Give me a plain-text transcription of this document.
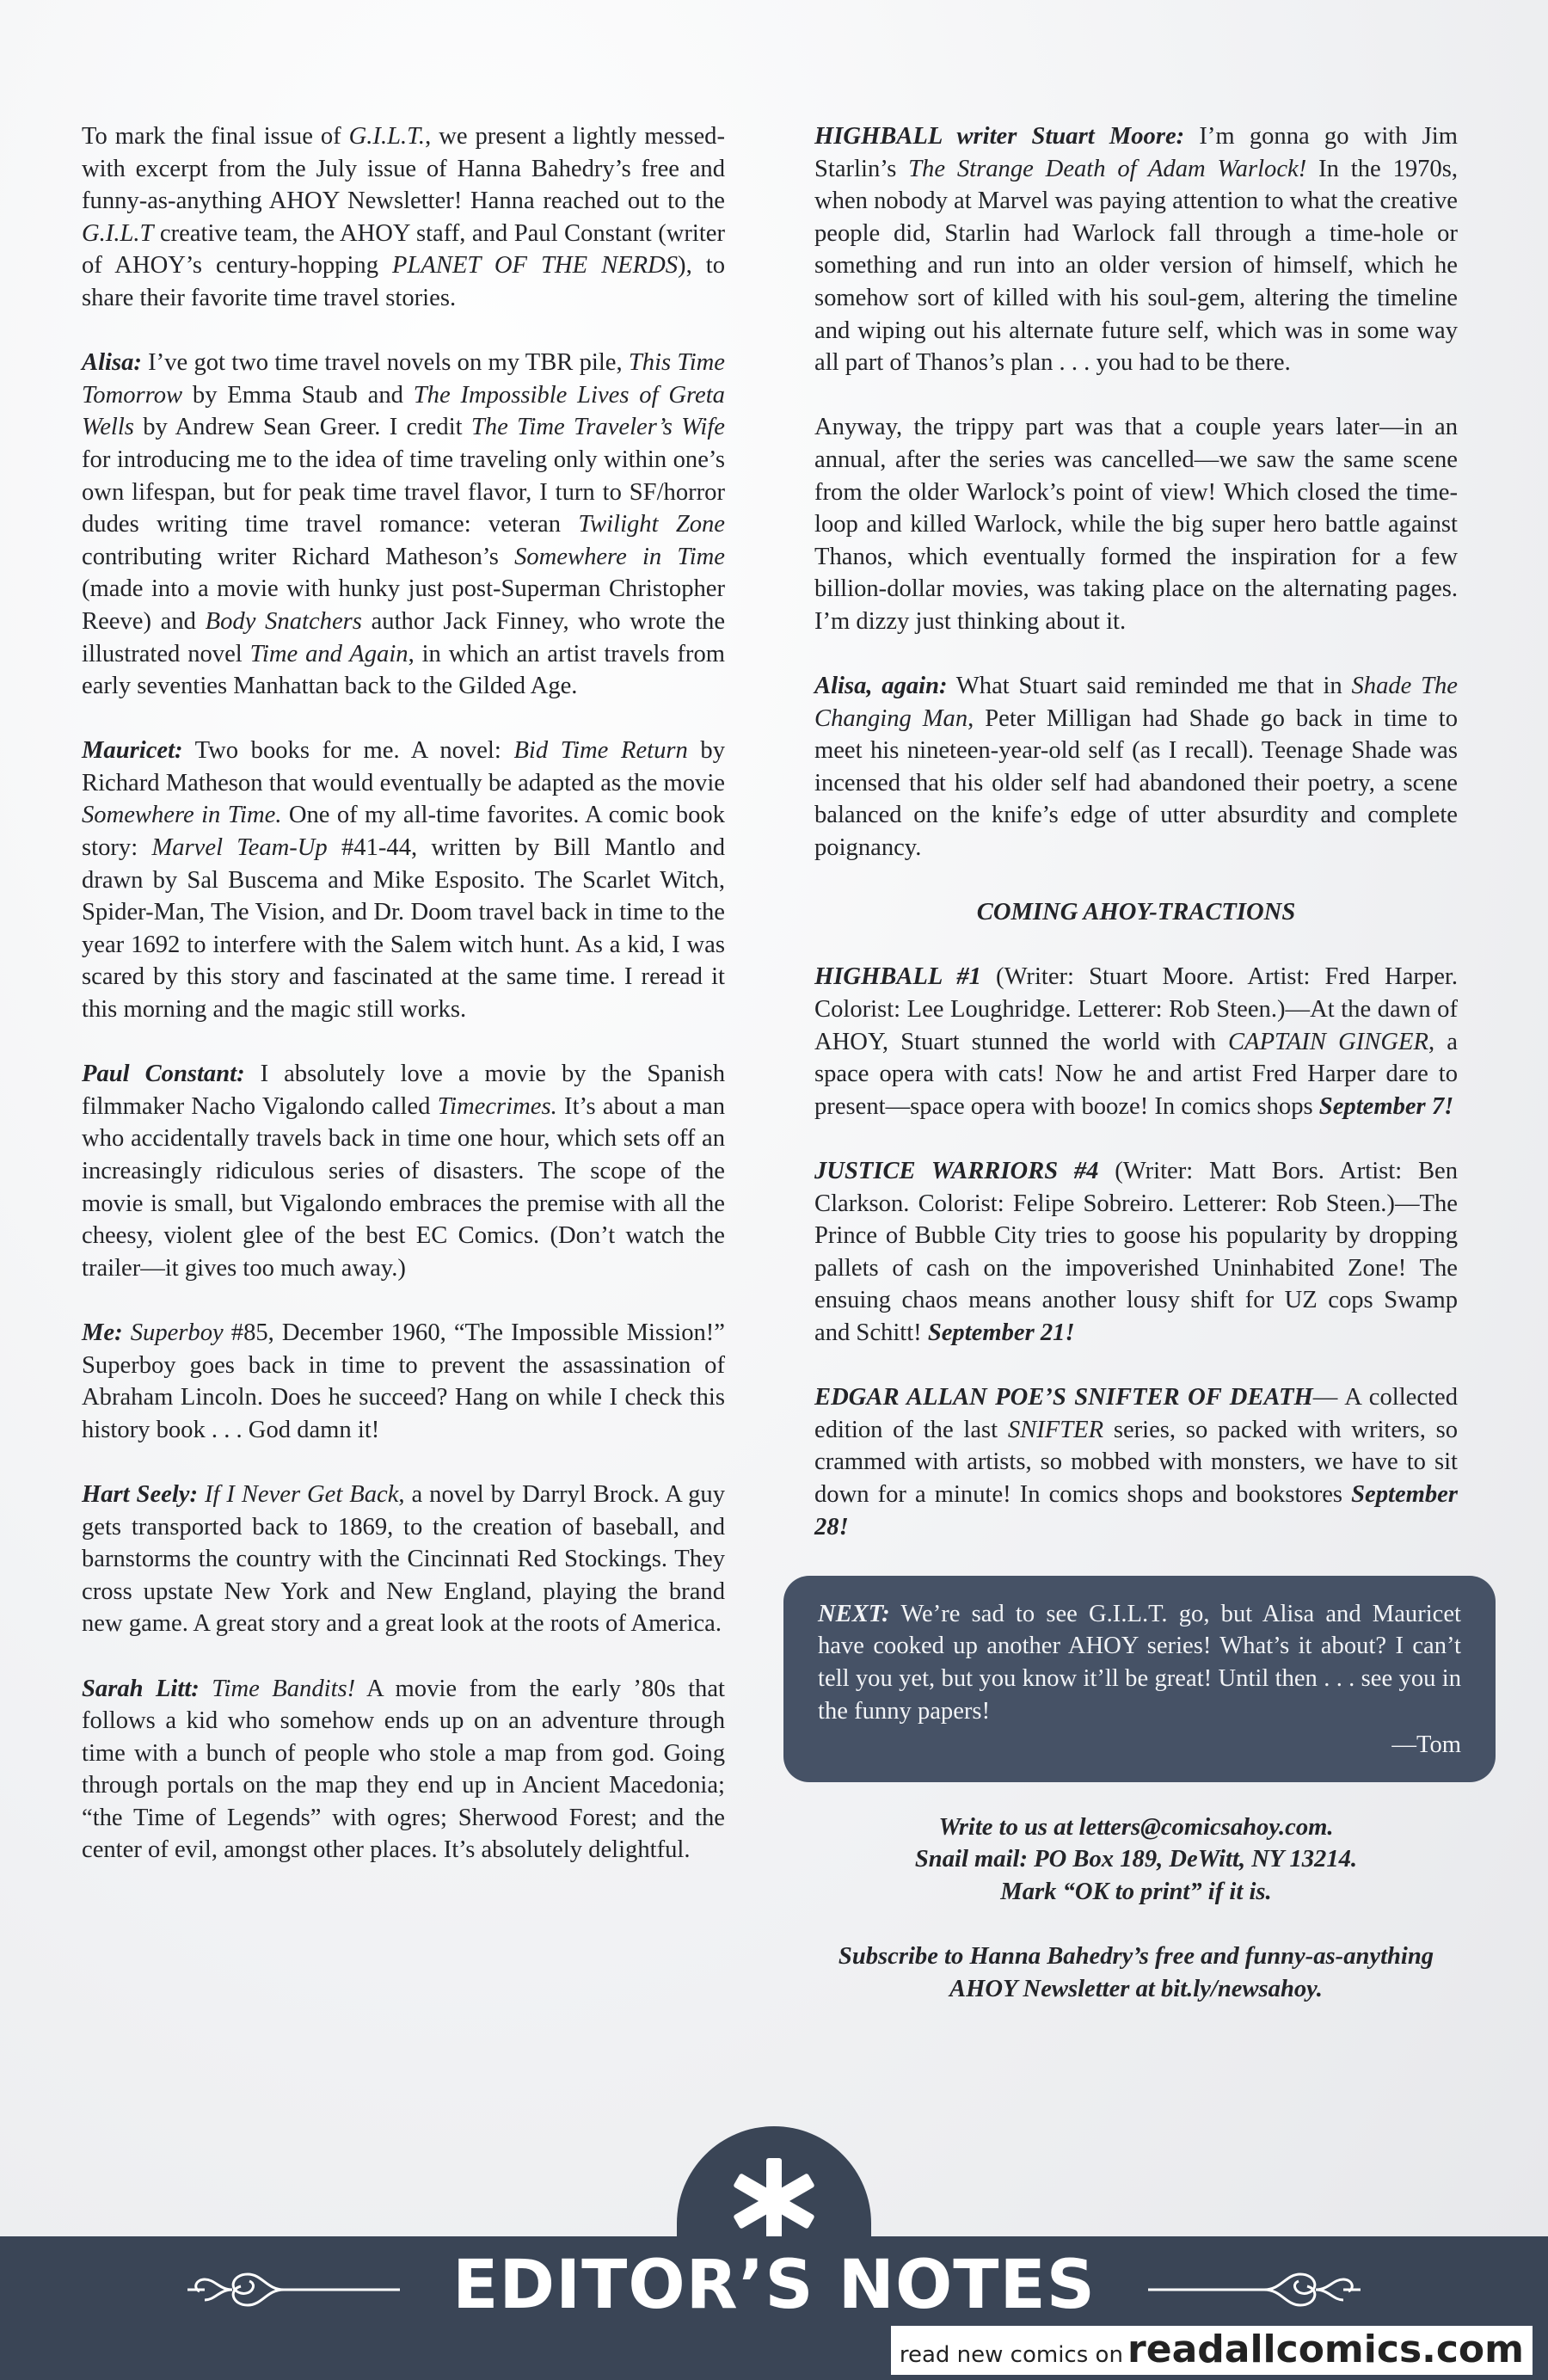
To mark the final issue of G.I.L.T., we present a lightly messed-with excerpt from the July issue of Hanna Bahedry’s free and funny-as-anything AHOY Newsletter! Hanna reached out to the G.I.L.T creative team, the AHOY staff, and Paul Constant (writer of AHOY’s century-hopping PLANET OF THE NERDS), to share their favorite time travel stories.

Alisa: I’ve got two time travel novels on my TBR pile, This Time Tomorrow by Emma Staub and The Impossible Lives of Greta Wells by Andrew Sean Greer. I credit The Time Traveler’s Wife for introducing me to the idea of time traveling only within one’s own lifespan, but for peak time travel flavor, I turn to SF/horror dudes writing time travel romance: veteran Twilight Zone contributing writer Richard Matheson’s Somewhere in Time (made into a movie with hunky just post-Superman Christopher Reeve) and Body Snatchers author Jack Finney, who wrote the illustrated novel Time and Again, in which an artist travels from early seventies Manhattan back to the Gilded Age.

Mauricet: Two books for me. A novel: Bid Time Return by Richard Matheson that would eventually be adapted as the movie Somewhere in Time. One of my all-time favorites. A comic book story: Marvel Team-Up #41-44, written by Bill Mantlo and drawn by Sal Buscema and Mike Esposito. The Scarlet Witch, Spider-Man, The Vision, and Dr. Doom travel back in time to the year 1692 to interfere with the Salem witch hunt. As a kid, I was scared by this story and fascinated at the same time. I reread it this morning and the magic still works.

Paul Constant: I absolutely love a movie by the Spanish filmmaker Nacho Vigalondo called Timecrimes. It’s about a man who accidentally travels back in time one hour, which sets off an increasingly ridiculous series of disasters. The scope of the movie is small, but Vigalondo embraces the premise with all the cheesy, violent glee of the best EC Comics. (Don’t watch the trailer—it gives too much away.)

Me: Superboy #85, December 1960, “The Impossible Mission!” Superboy goes back in time to prevent the assassination of Abraham Lincoln. Does he succeed? Hang on while I check this history book . . . God damn it!

Hart Seely: If I Never Get Back, a novel by Darryl Brock. A guy gets transported back to 1869, to the creation of baseball, and barnstorms the country with the Cincinnati Red Stockings. They cross upstate New York and New England, playing the brand new game. A great story and a great look at the roots of America.

Sarah Litt: Time Bandits! A movie from the early ’80s that follows a kid who somehow ends up on an adventure through time with a bunch of people who stole a map from god. Going through portals on the map they end up in Ancient Macedonia; “the Time of Legends” with ogres; Sherwood Forest; and the center of evil, amongst other places. It’s absolutely delightful.

HIGHBALL writer Stuart Moore: I’m gonna go with Jim Starlin’s The Strange Death of Adam Warlock! In the 1970s, when nobody at Marvel was paying attention to what the creative people did, Starlin had Warlock fall through a time-hole or something and run into an older version of himself, which he somehow sort of killed with his soul-gem, altering the timeline and wiping out his alternate future self, which was in some way all part of Thanos’s plan . . . you had to be there.

Anyway, the trippy part was that a couple years later—in an annual, after the series was cancelled—we saw the same scene from the older Warlock’s point of view! Which closed the time-loop and killed Warlock, while the big super hero battle against Thanos, which eventually formed the inspiration for a few billion-dollar movies, was taking place on the alternating pages. I’m dizzy just thinking about it.

Alisa, again: What Stuart said reminded me that in Shade The Changing Man, Peter Milligan had Shade go back in time to meet his nineteen-year-old self (as I recall). Teenage Shade was incensed that his older self had abandoned their poetry, a scene balanced on the knife’s edge of utter absurdity and complete poignancy.

COMING AHOY-TRACTIONS

HIGHBALL #1 (Writer: Stuart Moore. Artist: Fred Harper. Colorist: Lee Loughridge. Letterer: Rob Steen.)—At the dawn of AHOY, Stuart stunned the world with CAPTAIN GINGER, a space opera with cats! Now he and artist Fred Harper dare to present—space opera with booze! In comics shops September 7!

JUSTICE WARRIORS #4 (Writer: Matt Bors. Artist: Ben Clarkson. Colorist: Felipe Sobreiro. Letterer: Rob Steen.)—The Prince of Bubble City tries to goose his popularity by dropping pallets of cash on the impoverished Uninhabited Zone! The ensuing chaos means another lousy shift for UZ cops Swamp and Schitt! September 21!

EDGAR ALLAN POE’S SNIFTER OF DEATH— A collected edition of the last SNIFTER series, so packed with writers, so crammed with artists, so mobbed with monsters, we have to sit down for a minute! In comics shops and bookstores September 28!

NEXT: We’re sad to see G.I.L.T. go, but Alisa and Mauricet have cooked up another AHOY series! What’s it about? I can’t tell you yet, but you know it’ll be great! Until then . . . see you in the funny papers!
—Tom

Write to us at letters@comicsahoy.com.
Snail mail: PO Box 189, DeWitt, NY 13214.
Mark “OK to print” if it is.

Subscribe to Hanna Bahedry’s free and funny-as-anything AHOY Newsletter at bit.ly/newsahoy.

EDITOR’S NOTES
read new comics on readallcomics.com
